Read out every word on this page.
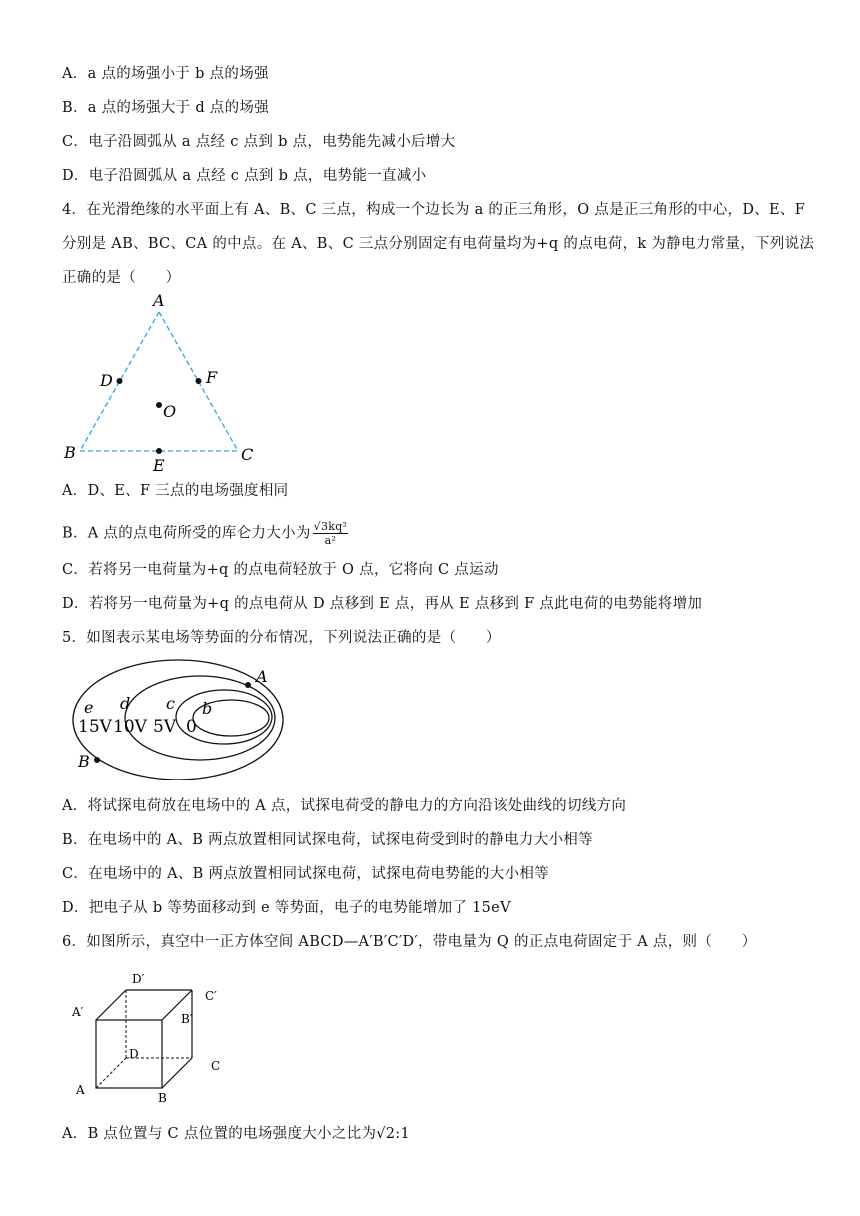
A．a 点的场强小于 b 点的场强
B．a 点的场强大于 d 点的场强
C．电子沿圆弧从 a 点经 c 点到 b 点，电势能先减小后增大
D．电子沿圆弧从 a 点经 c 点到 b 点，电势能一直减小
4．在光滑绝缘的水平面上有 A、B、C 三点，构成一个边长为 a 的正三角形，O 点是正三角形的中心，D、E、F
分别是 AB、BC、CA 的中点。在 A、B、C 三点分别固定有电荷量均为+q 的点电荷，k 为静电力常量，下列说法
正确的是（　　）
A
D	F
O
B
E
C
A．D、E、F 三点的电场强度相同
B．A 点的点电荷所受的库仑力大小为 $\frac{\text{√3kq²}}{\text{a²}}$
C．若将另一电荷量为+q 的点电荷轻放于 O 点，它将向 C 点运动
D．若将另一电荷量为+q 的点电荷从 D 点移到 E 点，再从 E 点移到 F 点此电荷的电势能将增加
5．如图表示某电场等势面的分布情况，下列说法正确的是（　　）
A
B
e
15V
d
10V
c
5V
b
0
A．将试探电荷放在电场中的 A 点，试探电荷受的静电力的方向沿该处曲线的切线方向
B．在电场中的 A、B 两点放置相同试探电荷，试探电荷受到时的静电力大小相等
C．在电场中的 A、B 两点放置相同试探电荷，试探电荷电势能的大小相等
D．把电子从 b 等势面移动到 e 等势面，电子的电势能增加了 15eV
6．如图所示，真空中一正方体空间 ABCD—A′B′C′D′，带电量为 Q 的正点电荷固定于 A 点，则（　　）
D′
C′
A′	B′
D
C
A
B
A．B 点位置与 C 点位置的电场强度大小之比为√2:1
